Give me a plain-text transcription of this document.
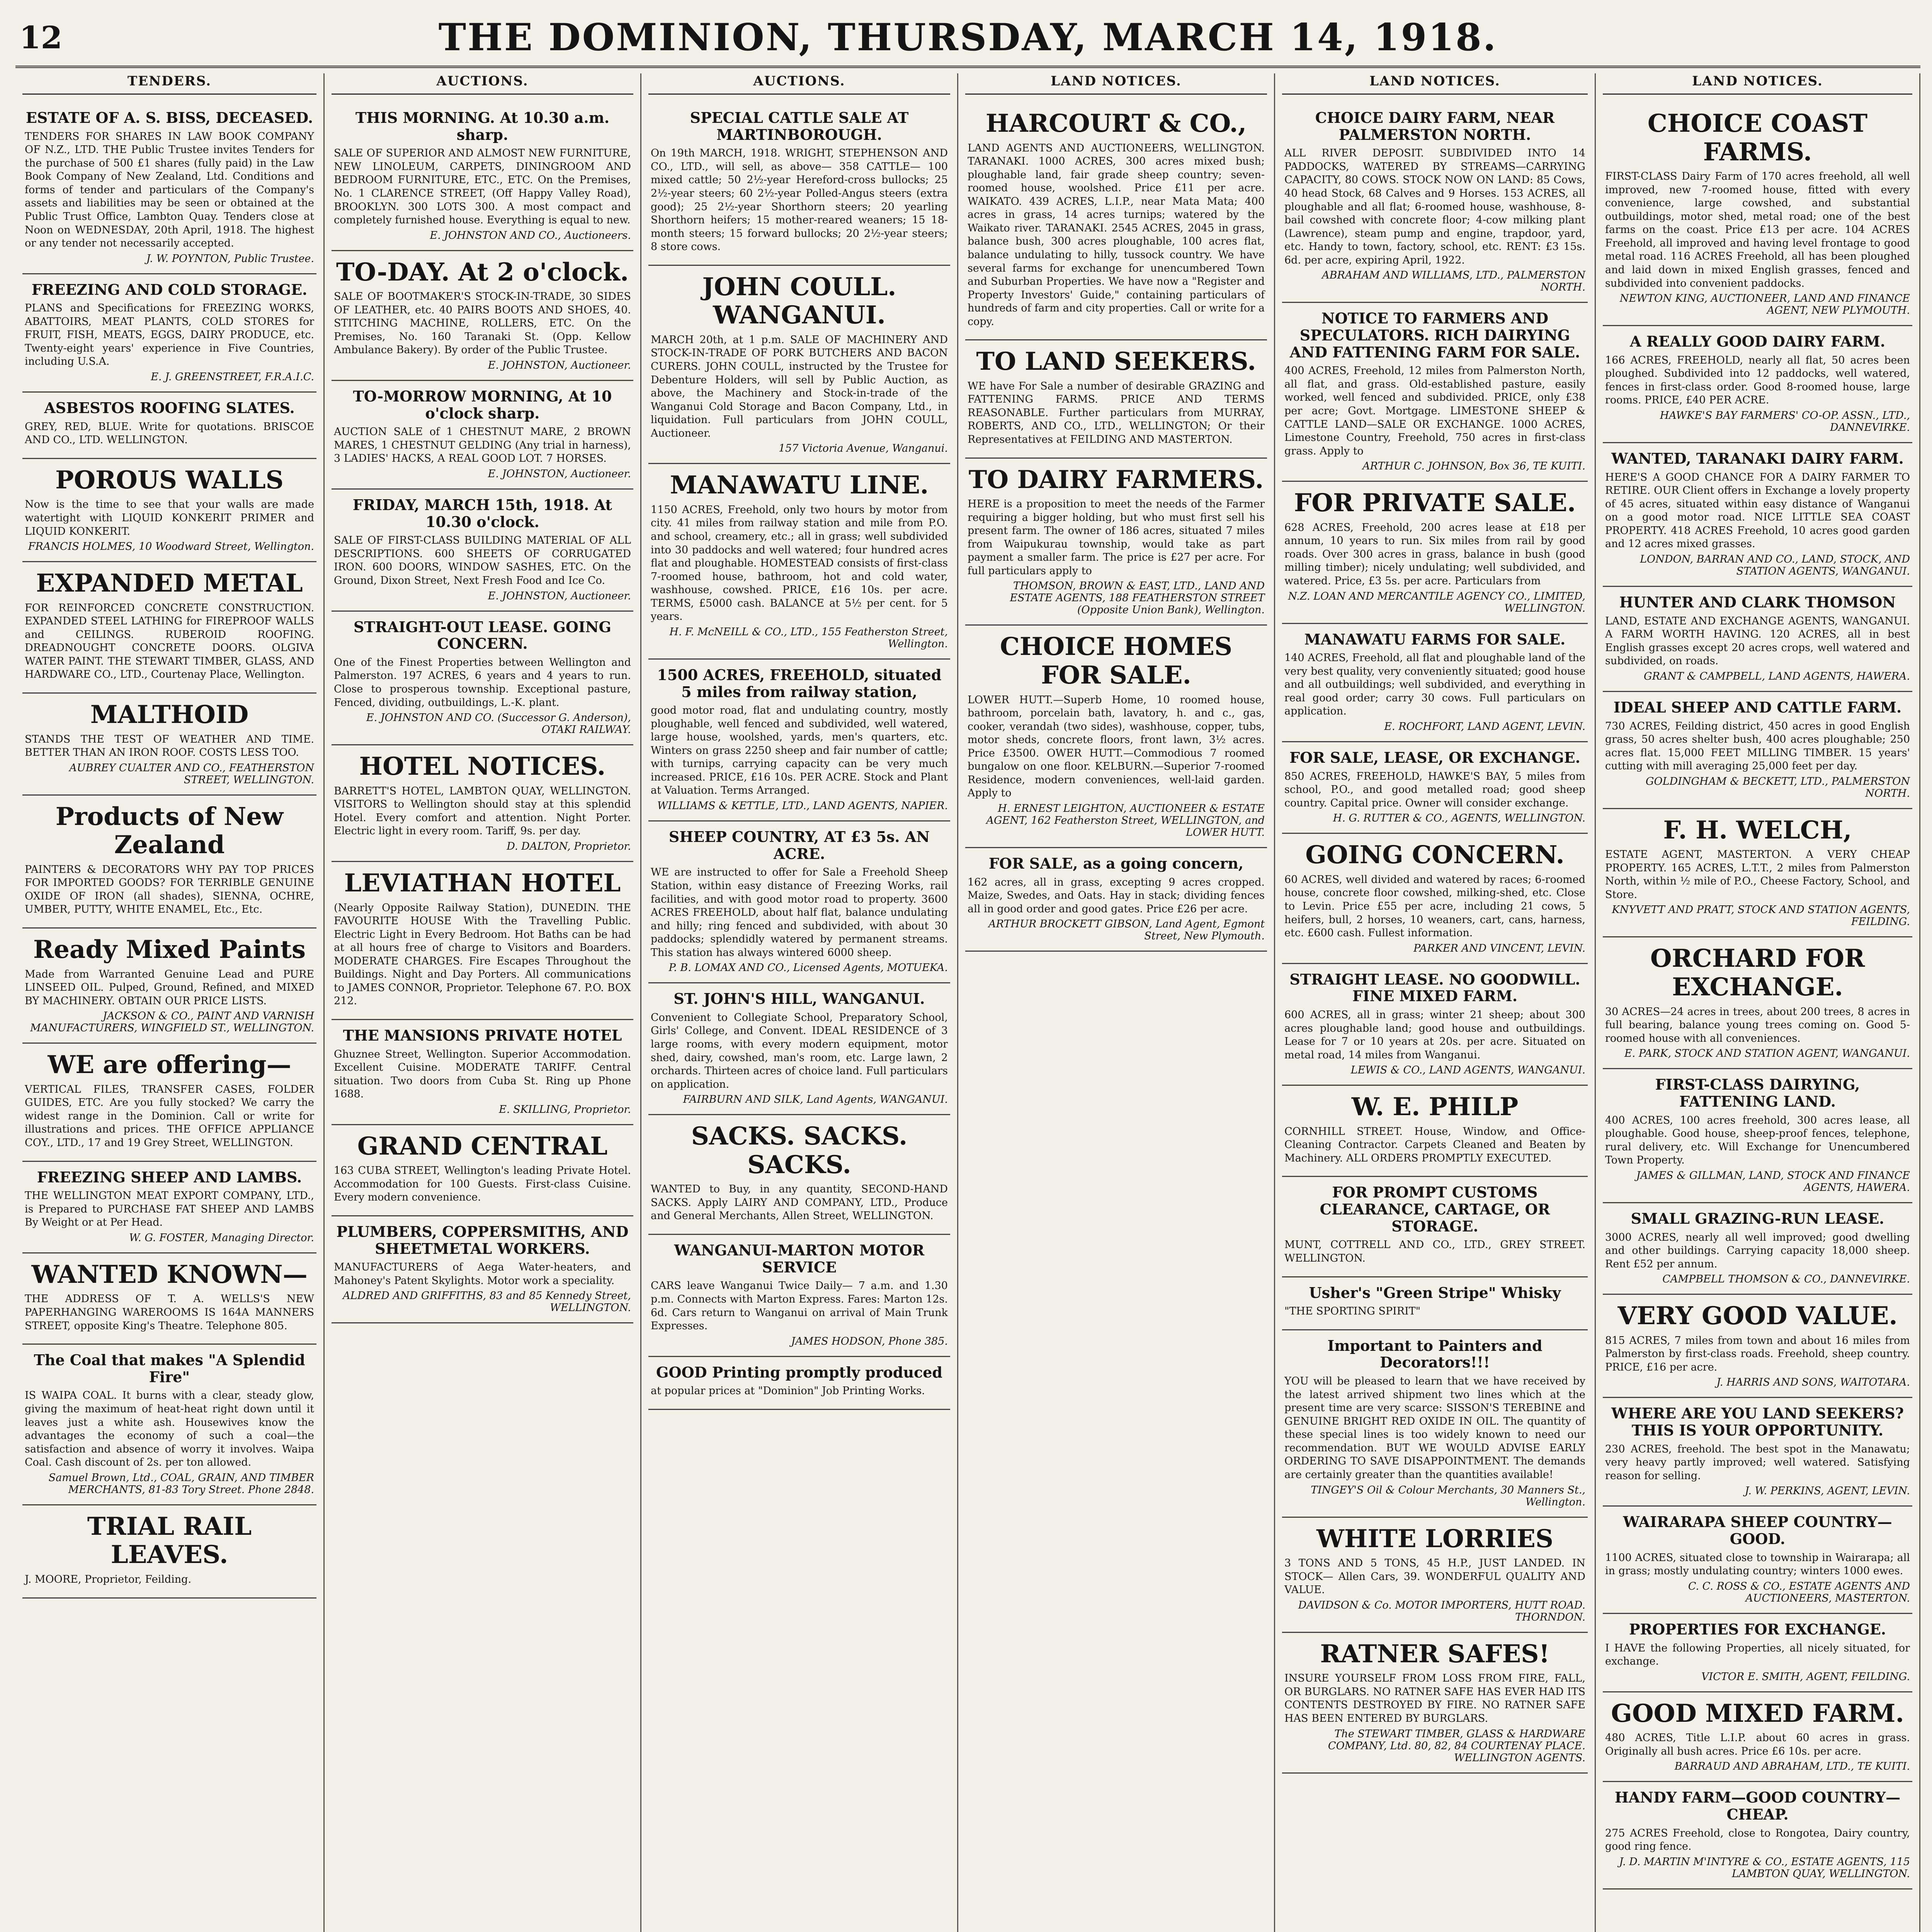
12	THE DOMINION, THURSDAY, MARCH 14, 1918.
TENDERS.
ESTATE OF A. S. BISS, DECEASED.

TENDERS FOR SHARES IN LAW BOOK COMPANY OF N.Z., LTD. THE Public Trustee invites Tenders for the purchase of 500 £1 shares (fully paid) in the Law Book Company of New Zealand, Ltd. Conditions and forms of tender and particulars of the Company's assets and liabilities may be seen or obtained at the Public Trust Office, Lambton Quay. Tenders close at Noon on WEDNESDAY, 20th April, 1918. The highest or any tender not necessarily accepted.

J. W. POYNTON, Public Trustee.
FREEZING AND COLD STORAGE.

PLANS and Specifications for FREEZING WORKS, ABATTOIRS, MEAT PLANTS, COLD STORES for FRUIT, FISH, MEATS, EGGS, DAIRY PRODUCE, etc. Twenty-eight years' experience in Five Countries, including U.S.A.

E. J. GREENSTREET, F.R.A.I.C.
ASBESTOS ROOFING SLATES.

GREY, RED, BLUE. Write for quotations. BRISCOE AND CO., LTD. WELLINGTON.

POROUS WALLS

Now is the time to see that your walls are made watertight with LIQUID KONKERIT PRIMER and LIQUID KONKERIT.

FRANCIS HOLMES, 10 Woodward Street, Wellington.
EXPANDED METAL

FOR REINFORCED CONCRETE CONSTRUCTION. EXPANDED STEEL LATHING for FIREPROOF WALLS and CEILINGS. RUBEROID ROOFING. DREADNOUGHT CONCRETE DOORS. OLGIVA WATER PAINT. THE STEWART TIMBER, GLASS, AND HARDWARE CO., LTD., Courtenay Place, Wellington.

MALTHOID

STANDS THE TEST OF WEATHER AND TIME. BETTER THAN AN IRON ROOF. COSTS LESS TOO.

AUBREY CUALTER AND CO., FEATHERSTON STREET, WELLINGTON.
Products of New Zealand

PAINTERS & DECORATORS WHY PAY TOP PRICES FOR IMPORTED GOODS? FOR TERRIBLE GENUINE OXIDE OF IRON (all shades), SIENNA, OCHRE, UMBER, PUTTY, WHITE ENAMEL, Etc., Etc.

Ready Mixed Paints

Made from Warranted Genuine Lead and PURE LINSEED OIL. Pulped, Ground, Refined, and MIXED BY MACHINERY. OBTAIN OUR PRICE LISTS.

JACKSON & CO., PAINT AND VARNISH MANUFACTURERS, WINGFIELD ST., WELLINGTON.
WE are offering—

VERTICAL FILES, TRANSFER CASES, FOLDER GUIDES, ETC. Are you fully stocked? We carry the widest range in the Dominion. Call or write for illustrations and prices. THE OFFICE APPLIANCE COY., LTD., 17 and 19 Grey Street, WELLINGTON.

FREEZING SHEEP AND LAMBS.

THE WELLINGTON MEAT EXPORT COMPANY, LTD., is Prepared to PURCHASE FAT SHEEP AND LAMBS By Weight or at Per Head.

W. G. FOSTER, Managing Director.
WANTED KNOWN—

THE ADDRESS OF T. A. WELLS'S NEW PAPERHANGING WAREROOMS IS 164A MANNERS STREET, opposite King's Theatre. Telephone 805.

The Coal that makes "A Splendid Fire"

IS WAIPA COAL. It burns with a clear, steady glow, giving the maximum of heat-heat right down until it leaves just a white ash. Housewives know the advantages the economy of such a coal—the satisfaction and absence of worry it involves. Waipa Coal. Cash discount of 2s. per ton allowed.

Samuel Brown, Ltd., COAL, GRAIN, AND TIMBER MERCHANTS, 81-83 Tory Street. Phone 2848.
TRIAL RAIL LEAVES.

J. MOORE, Proprietor, Feilding.

AUCTIONS.
THIS MORNING. At 10.30 a.m. sharp.

SALE OF SUPERIOR AND ALMOST NEW FURNITURE, NEW LINOLEUM, CARPETS, DININGROOM AND BEDROOM FURNITURE, ETC., ETC. On the Premises, No. 1 CLARENCE STREET, (Off Happy Valley Road), BROOKLYN. 300 LOTS 300. A most compact and completely furnished house. Everything is equal to new.

E. JOHNSTON AND CO., Auctioneers.
TO-DAY. At 2 o'clock.

SALE OF BOOTMAKER'S STOCK-IN-TRADE, 30 SIDES OF LEATHER, etc. 40 PAIRS BOOTS AND SHOES, 40. STITCHING MACHINE, ROLLERS, ETC. On the Premises, No. 160 Taranaki St. (Opp. Kellow Ambulance Bakery). By order of the Public Trustee.

E. JOHNSTON, Auctioneer.
TO-MORROW MORNING, At 10 o'clock sharp.

AUCTION SALE of 1 CHESTNUT MARE, 2 BROWN MARES, 1 CHESTNUT GELDING (Any trial in harness), 3 LADIES' HACKS, A REAL GOOD LOT. 7 HORSES.

E. JOHNSTON, Auctioneer.
FRIDAY, MARCH 15th, 1918. At 10.30 o'clock.

SALE OF FIRST-CLASS BUILDING MATERIAL OF ALL DESCRIPTIONS. 600 SHEETS OF CORRUGATED IRON. 600 DOORS, WINDOW SASHES, ETC. On the Ground, Dixon Street, Next Fresh Food and Ice Co.

E. JOHNSTON, Auctioneer.
STRAIGHT-OUT LEASE. GOING CONCERN.

One of the Finest Properties between Wellington and Palmerston. 197 ACRES, 6 years and 4 years to run. Close to prosperous township. Exceptional pasture, Fenced, dividing, outbuildings, L.-K. plant.

E. JOHNSTON AND CO. (Successor G. Anderson), OTAKI RAILWAY.
HOTEL NOTICES.

BARRETT'S HOTEL, LAMBTON QUAY, WELLINGTON. VISITORS to Wellington should stay at this splendid Hotel. Every comfort and attention. Night Porter. Electric light in every room. Tariff, 9s. per day.

D. DALTON, Proprietor.
LEVIATHAN HOTEL

(Nearly Opposite Railway Station), DUNEDIN. THE FAVOURITE HOUSE With the Travelling Public. Electric Light in Every Bedroom. Hot Baths can be had at all hours free of charge to Visitors and Boarders. MODERATE CHARGES. Fire Escapes Throughout the Buildings. Night and Day Porters. All communications to JAMES CONNOR, Proprietor. Telephone 67. P.O. BOX 212.

THE MANSIONS PRIVATE HOTEL

Ghuznee Street, Wellington. Superior Accommodation. Excellent Cuisine. MODERATE TARIFF. Central situation. Two doors from Cuba St. Ring up Phone 1688.

E. SKILLING, Proprietor.
GRAND CENTRAL

163 CUBA STREET, Wellington's leading Private Hotel. Accommodation for 100 Guests. First-class Cuisine. Every modern convenience.

PLUMBERS, COPPERSMITHS, AND SHEETMETAL WORKERS.

MANUFACTURERS of Aega Water-heaters, and Mahoney's Patent Skylights. Motor work a speciality.

ALDRED AND GRIFFITHS, 83 and 85 Kennedy Street, WELLINGTON.
AUCTIONS.
SPECIAL CATTLE SALE AT MARTINBOROUGH.

On 19th MARCH, 1918. WRIGHT, STEPHENSON AND CO., LTD., will sell, as above— 358 CATTLE— 100 mixed cattle; 50 2½-year Hereford-cross bullocks; 25 2½-year steers; 60 2½-year Polled-Angus steers (extra good); 25 2½-year Shorthorn steers; 20 yearling Shorthorn heifers; 15 mother-reared weaners; 15 18-month steers; 15 forward bullocks; 20 2½-year steers; 8 store cows.

JOHN COULL. WANGANUI.

MARCH 20th, at 1 p.m. SALE OF MACHINERY AND STOCK-IN-TRADE OF PORK BUTCHERS AND BACON CURERS. JOHN COULL, instructed by the Trustee for Debenture Holders, will sell by Public Auction, as above, the Machinery and Stock-in-trade of the Wanganui Cold Storage and Bacon Company, Ltd., in liquidation. Full particulars from JOHN COULL, Auctioneer.

157 Victoria Avenue, Wanganui.
MANAWATU LINE.

1150 ACRES, Freehold, only two hours by motor from city. 41 miles from railway station and mile from P.O. and school, creamery, etc.; all in grass; well subdivided into 30 paddocks and well watered; four hundred acres flat and ploughable. HOMESTEAD consists of first-class 7-roomed house, bathroom, hot and cold water, washhouse, cowshed. PRICE, £16 10s. per acre. TERMS, £5000 cash. BALANCE at 5½ per cent. for 5 years.

H. F. McNEILL & CO., LTD., 155 Featherston Street, Wellington.
1500 ACRES, FREEHOLD, situated 5 miles from railway station,

good motor road, flat and undulating country, mostly ploughable, well fenced and subdivided, well watered, large house, woolshed, yards, men's quarters, etc. Winters on grass 2250 sheep and fair number of cattle; with turnips, carrying capacity can be very much increased. PRICE, £16 10s. PER ACRE. Stock and Plant at Valuation. Terms Arranged.

WILLIAMS & KETTLE, LTD., LAND AGENTS, NAPIER.
SHEEP COUNTRY, AT £3 5s. AN ACRE.

WE are instructed to offer for Sale a Freehold Sheep Station, within easy distance of Freezing Works, rail facilities, and with good motor road to property. 3600 ACRES FREEHOLD, about half flat, balance undulating and hilly; ring fenced and subdivided, with about 30 paddocks; splendidly watered by permanent streams. This station has always wintered 6000 sheep.

P. B. LOMAX AND CO., Licensed Agents, MOTUEKA.
ST. JOHN'S HILL, WANGANUI.

Convenient to Collegiate School, Preparatory School, Girls' College, and Convent. IDEAL RESIDENCE of 3 large rooms, with every modern equipment, motor shed, dairy, cowshed, man's room, etc. Large lawn, 2 orchards. Thirteen acres of choice land. Full particulars on application.

FAIRBURN AND SILK, Land Agents, WANGANUI.
SACKS. SACKS. SACKS.

WANTED to Buy, in any quantity, SECOND-HAND SACKS. Apply LAIRY AND COMPANY, LTD., Produce and General Merchants, Allen Street, WELLINGTON.

WANGANUI-MARTON MOTOR SERVICE

CARS leave Wanganui Twice Daily— 7 a.m. and 1.30 p.m. Connects with Marton Express. Fares: Marton 12s. 6d. Cars return to Wanganui on arrival of Main Trunk Expresses.

JAMES HODSON, Phone 385.
GOOD Printing promptly produced

at popular prices at "Dominion" Job Printing Works.

LAND NOTICES.
HARCOURT & CO.,

LAND AGENTS AND AUCTIONEERS, WELLINGTON. TARANAKI. 1000 ACRES, 300 acres mixed bush; ploughable land, fair grade sheep country; seven-roomed house, woolshed. Price £11 per acre. WAIKATO. 439 ACRES, L.I.P., near Mata Mata; 400 acres in grass, 14 acres turnips; watered by the Waikato river. TARANAKI. 2545 ACRES, 2045 in grass, balance bush, 300 acres ploughable, 100 acres flat, balance undulating to hilly, tussock country. We have several farms for exchange for unencumbered Town and Suburban Properties. We have now a "Register and Property Investors' Guide," containing particulars of hundreds of farm and city properties. Call or write for a copy.

TO LAND SEEKERS.

WE have For Sale a number of desirable GRAZING and FATTENING FARMS. PRICE AND TERMS REASONABLE. Further particulars from MURRAY, ROBERTS, AND CO., LTD., WELLINGTON; Or their Representatives at FEILDING AND MASTERTON.

TO DAIRY FARMERS.

HERE is a proposition to meet the needs of the Farmer requiring a bigger holding, but who must first sell his present farm. The owner of 186 acres, situated 7 miles from Waipukurau township, would take as part payment a smaller farm. The price is £27 per acre. For full particulars apply to

THOMSON, BROWN & EAST, LTD., LAND AND ESTATE AGENTS, 188 FEATHERSTON STREET (Opposite Union Bank), Wellington.
CHOICE HOMES FOR SALE.

LOWER HUTT.—Superb Home, 10 roomed house, bathroom, porcelain bath, lavatory, h. and c., gas, cooker, verandah (two sides), washhouse, copper, tubs, motor sheds, concrete floors, front lawn, 3½ acres. Price £3500. OWER HUTT.—Commodious 7 roomed bungalow on one floor. KELBURN.—Superior 7-roomed Residence, modern conveniences, well-laid garden. Apply to

H. ERNEST LEIGHTON, AUCTIONEER & ESTATE AGENT, 162 Featherston Street, WELLINGTON, and LOWER HUTT.
FOR SALE, as a going concern,

162 acres, all in grass, excepting 9 acres cropped. Maize, Swedes, and Oats. Hay in stack; dividing fences all in good order and good gates. Price £26 per acre.

ARTHUR BROCKETT GIBSON, Land Agent, Egmont Street, New Plymouth.
LAND NOTICES.
CHOICE DAIRY FARM, NEAR PALMERSTON NORTH.

ALL RIVER DEPOSIT. SUBDIVIDED INTO 14 PADDOCKS, WATERED BY STREAMS—CARRYING CAPACITY, 80 COWS. STOCK NOW ON LAND: 85 Cows, 40 head Stock, 68 Calves and 9 Horses. 153 ACRES, all ploughable and all flat; 6-roomed house, washhouse, 8-bail cowshed with concrete floor; 4-cow milking plant (Lawrence), steam pump and engine, trapdoor, yard, etc. Handy to town, factory, school, etc. RENT: £3 15s. 6d. per acre, expiring April, 1922.

ABRAHAM AND WILLIAMS, LTD., PALMERSTON NORTH.
NOTICE TO FARMERS AND SPECULATORS. RICH DAIRYING AND FATTENING FARM FOR SALE.

400 ACRES, Freehold, 12 miles from Palmerston North, all flat, and grass. Old-established pasture, easily worked, well fenced and subdivided. PRICE, only £38 per acre; Govt. Mortgage. LIMESTONE SHEEP & CATTLE LAND—SALE OR EXCHANGE. 1000 ACRES, Limestone Country, Freehold, 750 acres in first-class grass. Apply to

ARTHUR C. JOHNSON, Box 36, TE KUITI.
FOR PRIVATE SALE.

628 ACRES, Freehold, 200 acres lease at £18 per annum, 10 years to run. Six miles from rail by good roads. Over 300 acres in grass, balance in bush (good milling timber); nicely undulating; well subdivided, and watered. Price, £3 5s. per acre. Particulars from

N.Z. LOAN AND MERCANTILE AGENCY CO., LIMITED, WELLINGTON.
MANAWATU FARMS FOR SALE.

140 ACRES, Freehold, all flat and ploughable land of the very best quality, very conveniently situated; good house and all outbuildings; well subdivided, and everything in real good order; carry 30 cows. Full particulars on application.

E. ROCHFORT, LAND AGENT, LEVIN.
FOR SALE, LEASE, OR EXCHANGE.

850 ACRES, FREEHOLD, HAWKE'S BAY, 5 miles from school, P.O., and good metalled road; good sheep country. Capital price. Owner will consider exchange.

H. G. RUTTER & CO., AGENTS, WELLINGTON.
GOING CONCERN.

60 ACRES, well divided and watered by races; 6-roomed house, concrete floor cowshed, milking-shed, etc. Close to Levin. Price £55 per acre, including 21 cows, 5 heifers, bull, 2 horses, 10 weaners, cart, cans, harness, etc. £600 cash. Fullest information.

PARKER AND VINCENT, LEVIN.
STRAIGHT LEASE. NO GOODWILL. FINE MIXED FARM.

600 ACRES, all in grass; winter 21 sheep; about 300 acres ploughable land; good house and outbuildings. Lease for 7 or 10 years at 20s. per acre. Situated on metal road, 14 miles from Wanganui.

LEWIS & CO., LAND AGENTS, WANGANUI.
W. E. PHILP

CORNHILL STREET. House, Window, and Office-Cleaning Contractor. Carpets Cleaned and Beaten by Machinery. ALL ORDERS PROMPTLY EXECUTED.

FOR PROMPT CUSTOMS CLEARANCE, CARTAGE, OR STORAGE.

MUNT, COTTRELL AND CO., LTD., GREY STREET. WELLINGTON.

Usher's "Green Stripe" Whisky

"THE SPORTING SPIRIT"

Important to Painters and Decorators!!!

YOU will be pleased to learn that we have received by the latest arrived shipment two lines which at the present time are very scarce: SISSON'S TEREBINE and GENUINE BRIGHT RED OXIDE IN OIL. The quantity of these special lines is too widely known to need our recommendation. BUT WE WOULD ADVISE EARLY ORDERING TO SAVE DISAPPOINTMENT. The demands are certainly greater than the quantities available!

TINGEY'S Oil & Colour Merchants, 30 Manners St., Wellington.
WHITE LORRIES

3 TONS AND 5 TONS, 45 H.P., JUST LANDED. IN STOCK— Allen Cars, 39. WONDERFUL QUALITY AND VALUE.

DAVIDSON & Co. MOTOR IMPORTERS, HUTT ROAD. THORNDON.
RATNER SAFES!

INSURE YOURSELF FROM LOSS FROM FIRE, FALL, OR BURGLARS. NO RATNER SAFE HAS EVER HAD ITS CONTENTS DESTROYED BY FIRE. NO RATNER SAFE HAS BEEN ENTERED BY BURGLARS.

The STEWART TIMBER, GLASS & HARDWARE COMPANY, Ltd. 80, 82, 84 COURTENAY PLACE. WELLINGTON AGENTS.
LAND NOTICES.
CHOICE COAST FARMS.

FIRST-CLASS Dairy Farm of 170 acres freehold, all well improved, new 7-roomed house, fitted with every convenience, large cowshed, and substantial outbuildings, motor shed, metal road; one of the best farms on the coast. Price £13 per acre. 104 ACRES Freehold, all improved and having level frontage to good metal road. 116 ACRES Freehold, all has been ploughed and laid down in mixed English grasses, fenced and subdivided into convenient paddocks.

NEWTON KING, AUCTIONEER, LAND AND FINANCE AGENT, NEW PLYMOUTH.
A REALLY GOOD DAIRY FARM.

166 ACRES, FREEHOLD, nearly all flat, 50 acres been ploughed. Subdivided into 12 paddocks, well watered, fences in first-class order. Good 8-roomed house, large rooms. PRICE, £40 PER ACRE.

HAWKE'S BAY FARMERS' CO-OP. ASSN., LTD., DANNEVIRKE.
WANTED, TARANAKI DAIRY FARM.

HERE'S A GOOD CHANCE FOR A DAIRY FARMER TO RETIRE. OUR Client offers in Exchange a lovely property of 45 acres, situated within easy distance of Wanganui on a good motor road. NICE LITTLE SEA COAST PROPERTY. 418 ACRES Freehold, 10 acres good garden and 12 acres mixed grasses.

LONDON, BARRAN AND CO., LAND, STOCK, AND STATION AGENTS, WANGANUI.
HUNTER AND CLARK THOMSON

LAND, ESTATE AND EXCHANGE AGENTS, WANGANUI. A FARM WORTH HAVING. 120 ACRES, all in best English grasses except 20 acres crops, well watered and subdivided, on roads.

GRANT & CAMPBELL, LAND AGENTS, HAWERA.
IDEAL SHEEP AND CATTLE FARM.

730 ACRES, Feilding district, 450 acres in good English grass, 50 acres shelter bush, 400 acres ploughable; 250 acres flat. 15,000 FEET MILLING TIMBER. 15 years' cutting with mill averaging 25,000 feet per day.

GOLDINGHAM & BECKETT, LTD., PALMERSTON NORTH.
F. H. WELCH,

ESTATE AGENT, MASTERTON. A VERY CHEAP PROPERTY. 165 ACRES, L.T.T., 2 miles from Palmerston North, within ½ mile of P.O., Cheese Factory, School, and Store.

KNYVETT AND PRATT, STOCK AND STATION AGENTS, FEILDING.
ORCHARD FOR EXCHANGE.

30 ACRES—24 acres in trees, about 200 trees, 8 acres in full bearing, balance young trees coming on. Good 5-roomed house with all conveniences.

E. PARK, STOCK AND STATION AGENT, WANGANUI.
FIRST-CLASS DAIRYING, FATTENING LAND.

400 ACRES, 100 acres freehold, 300 acres lease, all ploughable. Good house, sheep-proof fences, telephone, rural delivery, etc. Will Exchange for Unencumbered Town Property.

JAMES & GILLMAN, LAND, STOCK AND FINANCE AGENTS, HAWERA.
SMALL GRAZING-RUN LEASE.

3000 ACRES, nearly all well improved; good dwelling and other buildings. Carrying capacity 18,000 sheep. Rent £52 per annum.

CAMPBELL THOMSON & CO., DANNEVIRKE.
VERY GOOD VALUE.

815 ACRES, 7 miles from town and about 16 miles from Palmerston by first-class roads. Freehold, sheep country. PRICE, £16 per acre.

J. HARRIS AND SONS, WAITOTARA.
WHERE ARE YOU LAND SEEKERS? THIS IS YOUR OPPORTUNITY.

230 ACRES, freehold. The best spot in the Manawatu; very heavy partly improved; well watered. Satisfying reason for selling.

J. W. PERKINS, AGENT, LEVIN.
WAIRARAPA SHEEP COUNTRY—GOOD.

1100 ACRES, situated close to township in Wairarapa; all in grass; mostly undulating country; winters 1000 ewes.

C. C. ROSS & CO., ESTATE AGENTS AND AUCTIONEERS, MASTERTON.
PROPERTIES FOR EXCHANGE.

I HAVE the following Properties, all nicely situated, for exchange.

VICTOR E. SMITH, AGENT, FEILDING.
GOOD MIXED FARM.

480 ACRES, Title L.I.P. about 60 acres in grass. Originally all bush acres. Price £6 10s. per acre.

BARRAUD AND ABRAHAM, LTD., TE KUITI.
HANDY FARM—GOOD COUNTRY—CHEAP.

275 ACRES Freehold, close to Rongotea, Dairy country, good ring fence.

J. D. MARTIN M'INTYRE & CO., ESTATE AGENTS, 115 LAMBTON QUAY, WELLINGTON.
